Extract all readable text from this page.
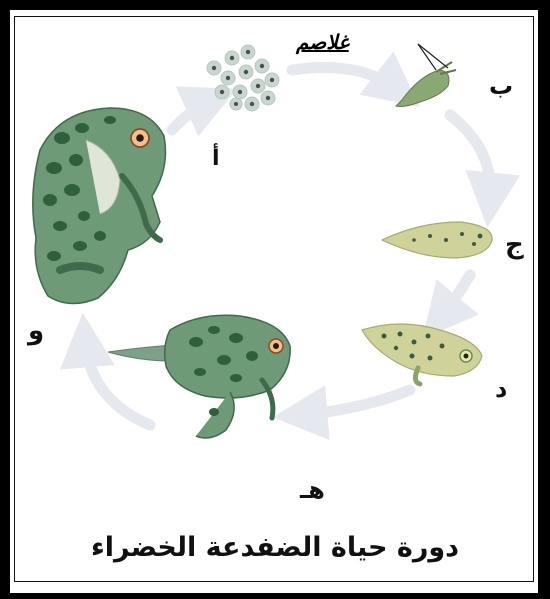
غلاصم
أ
ب
ج
د
هـ
و
دورة حياة الضفدعة الخضراء
